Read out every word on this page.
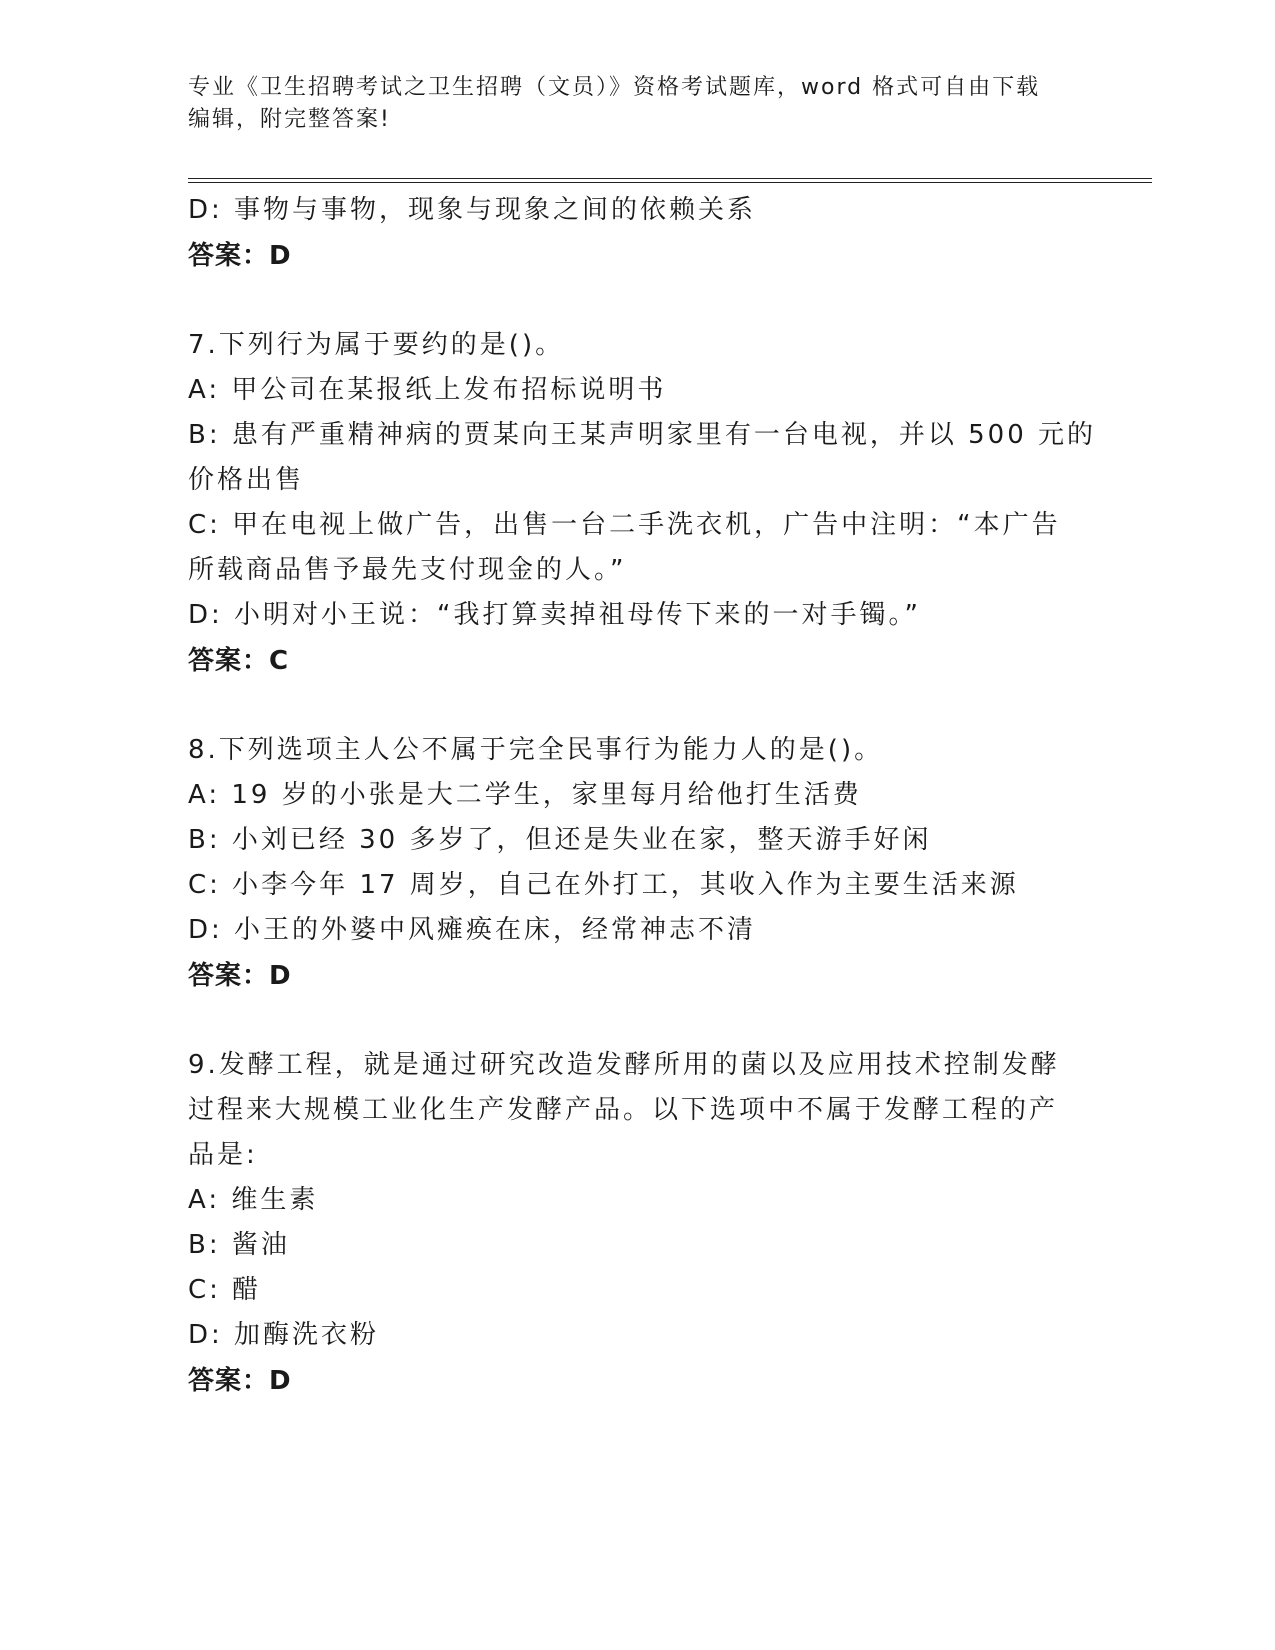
专业《卫生招聘考试之卫生招聘（文员）》资格考试题库，word 格式可自由下载
编辑，附完整答案!
D: 事物与事物，现象与现象之间的依赖关系
答案：D
7.下列行为属于要约的是()。
A: 甲公司在某报纸上发布招标说明书
B: 患有严重精神病的贾某向王某声明家里有一台电视，并以 500 元的
价格出售
C: 甲在电视上做广告，出售一台二手洗衣机，广告中注明：“本广告
所载商品售予最先支付现金的人。”
D: 小明对小王说：“我打算卖掉祖母传下来的一对手镯。”
答案：C
8.下列选项主人公不属于完全民事行为能力人的是()。
A: 19 岁的小张是大二学生，家里每月给他打生活费
B: 小刘已经 30 多岁了，但还是失业在家，整天游手好闲
C: 小李今年 17 周岁，自己在外打工，其收入作为主要生活来源
D: 小王的外婆中风瘫痪在床，经常神志不清
答案：D
9.发酵工程，就是通过研究改造发酵所用的菌以及应用技术控制发酵
过程来大规模工业化生产发酵产品。以下选项中不属于发酵工程的产
品是:
A: 维生素
B: 酱油
C: 醋
D: 加酶洗衣粉
答案：D
